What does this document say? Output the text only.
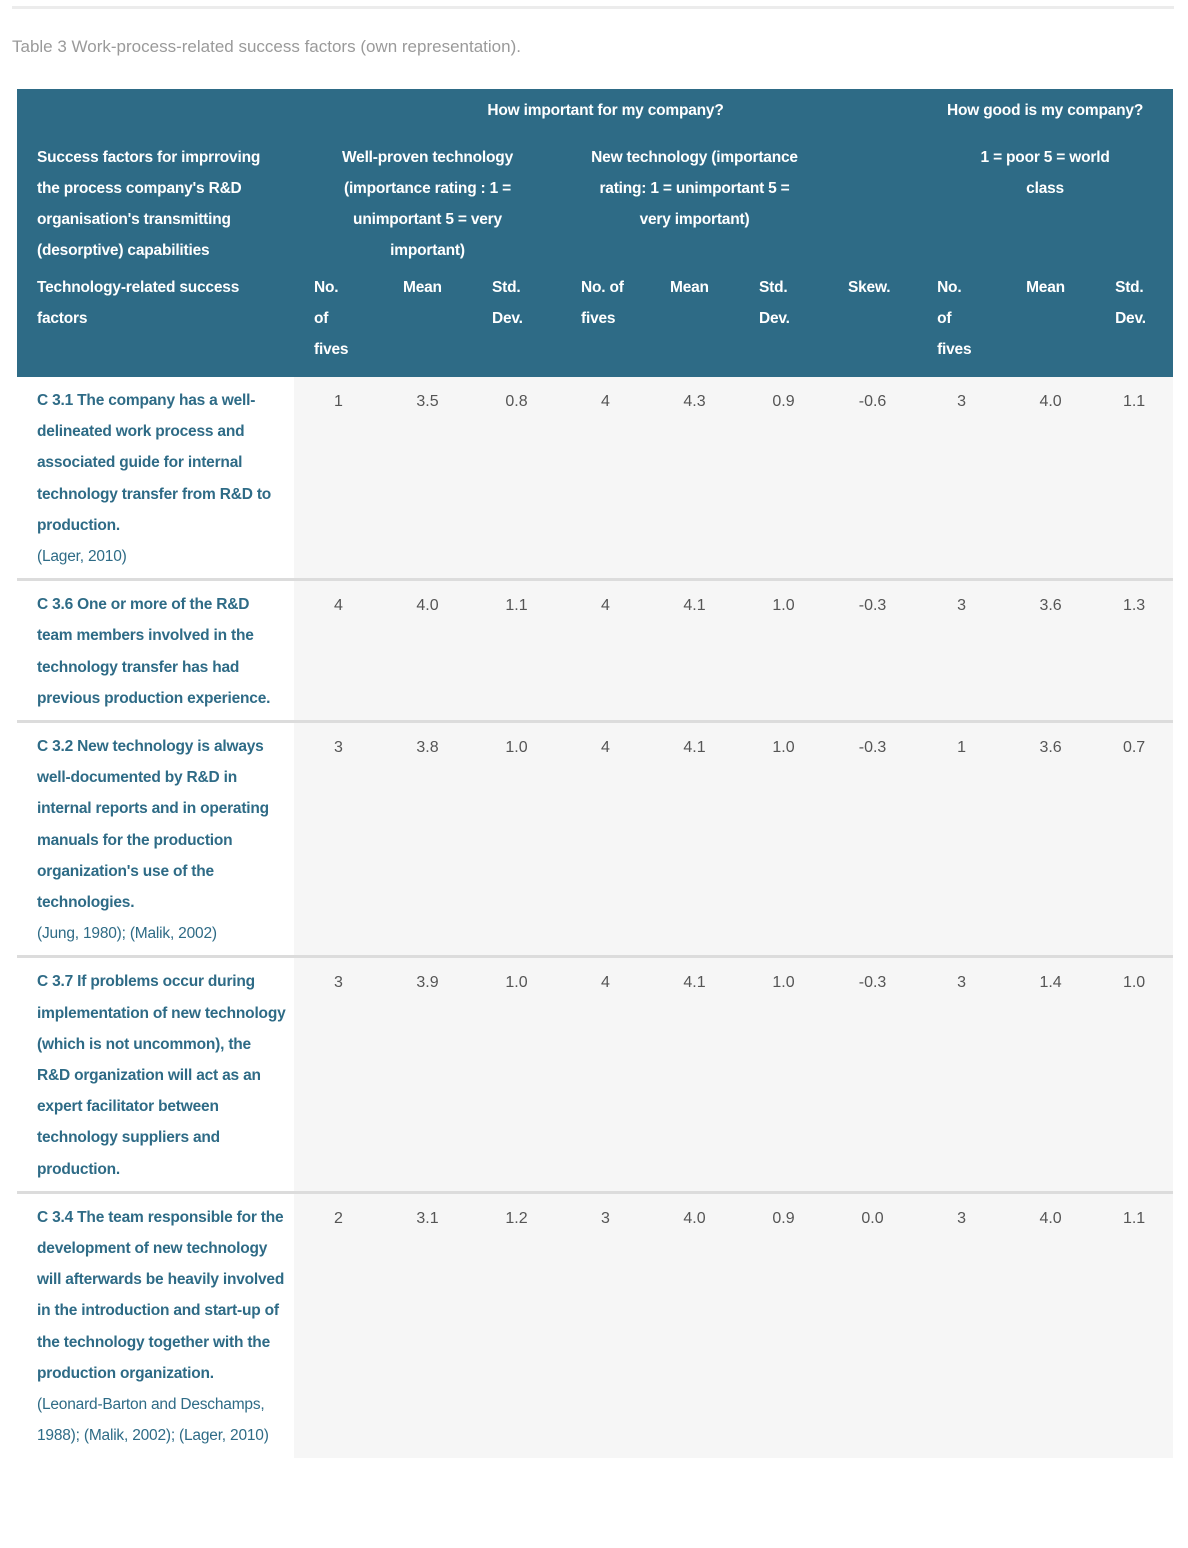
Table 3 Work-process-related success factors (own representation).
	How important for my company?							How good is my company?		
Success factors for imprroving the process company's R&D organisation's transmitting (desorptive) capabilities	Well-proven technology (importance rating : 1 = unimportant 5 = very important)			New technology (importance rating: 1 = unimportant 5 = very important)				1 = poor 5 = world class		
Technology-related success factors	No. of fives	Mean	Std. Dev.	No. of fives	Mean	Std. Dev.	Skew.	No. of fives	Mean	Std. Dev.
C 3.1 The company has a well-delineated work process and associated guide for internal technology transfer from R&D to production.
(Lager, 2010)	1	3.5	0.8	4	4.3	0.9	-0.6	3	4.0	1.1
C 3.6 One or more of the R&D team members involved in the technology transfer has had previous production experience.	4	4.0	1.1	4	4.1	1.0	-0.3	3	3.6	1.3
C 3.2 New technology is always well-documented by R&D in internal reports and in operating manuals for the production organization's use of the technologies.
(Jung, 1980); (Malik, 2002)	3	3.8	1.0	4	4.1	1.0	-0.3	1	3.6	0.7
C 3.7 If problems occur during implementation of new technology (which is not uncommon), the R&D organization will act as an expert facilitator between technology suppliers and production.	3	3.9	1.0	4	4.1	1.0	-0.3	3	1.4	1.0
C 3.4 The team responsible for the development of new technology will afterwards be heavily involved in the introduction and start-up of the technology together with the production organization.
(Leonard-Barton and Deschamps, 1988); (Malik, 2002); (Lager, 2010)	2	3.1	1.2	3	4.0	0.9	0.0	3	4.0	1.1
